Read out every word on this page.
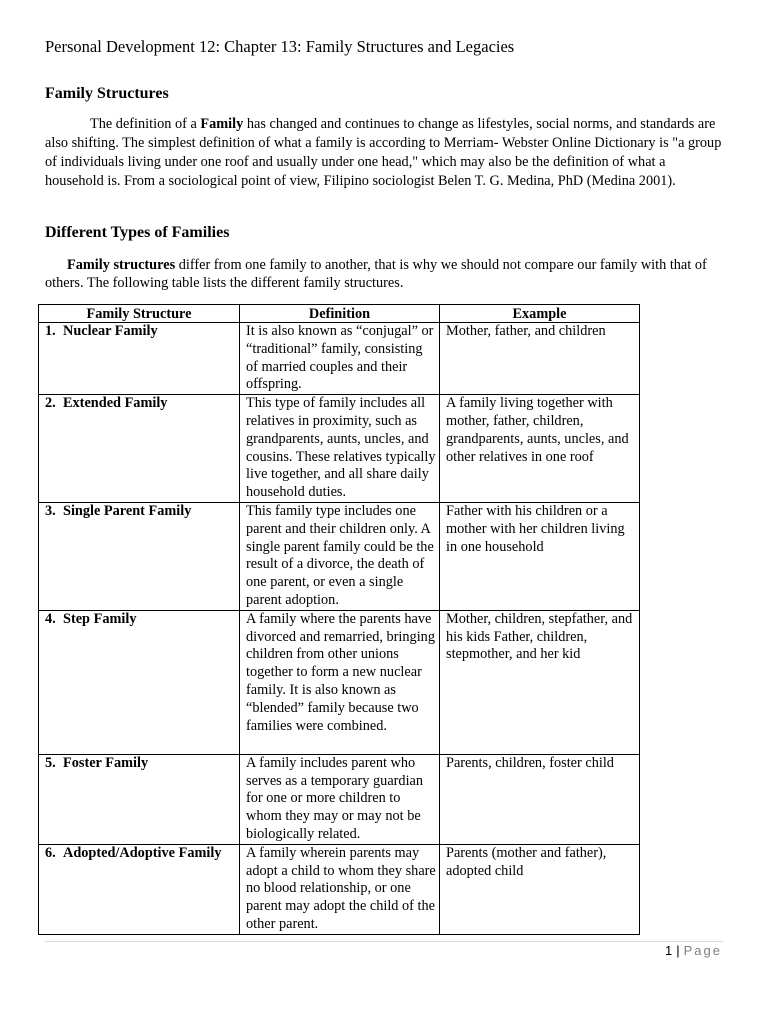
Personal Development 12: Chapter 13: Family Structures and Legacies
Family Structures

The definition of a Family has changed and continues to change as lifestyles, social norms, and standards are also shifting. The simplest definition of what a family is according to Merriam- Webster Online Dictionary is "a group of individuals living under one roof and usually under one head," which may also be the definition of what a household is. From a sociological point of view, Filipino sociologist Belen T. G. Medina, PhD (Medina 2001).

Different Types of Families

Family structures differ from one family to another, that is why we should not compare our family with that of others. The following table lists the different family structures.

Family Structure	Definition	Example
1. Nuclear Family	It is also known as “conjugal” or “traditional” family, consisting of married couples and their offspring.	Mother, father, and children
2. Extended Family	This type of family includes all relatives in proximity, such as grandparents, aunts, uncles, and cousins. These relatives typically live together, and all share daily household duties.	A family living together with mother, father, children, grandparents, aunts, uncles, and other relatives in one roof
3. Single Parent Family	This family type includes one parent and their children only. A single parent family could be the result of a divorce, the death of one parent, or even a single parent adoption.	Father with his children or a mother with her children living in one household
4. Step Family	A family where the parents have divorced and remarried, bringing children from other unions together to form a new nuclear family. It is also known as “blended” family because two families were combined.	Mother, children, stepfather, and his kids Father, children, stepmother, and her kid
5. Foster Family	A family includes parent who serves as a temporary guardian for one or more children to whom they may or may not be biologically related.	Parents, children, foster child
6. Adopted/Adoptive Family	A family wherein parents may adopt a child to whom they share no blood relationship, or one parent may adopt the child of the other parent.	Parents (mother and father), adopted child
1 | Page
